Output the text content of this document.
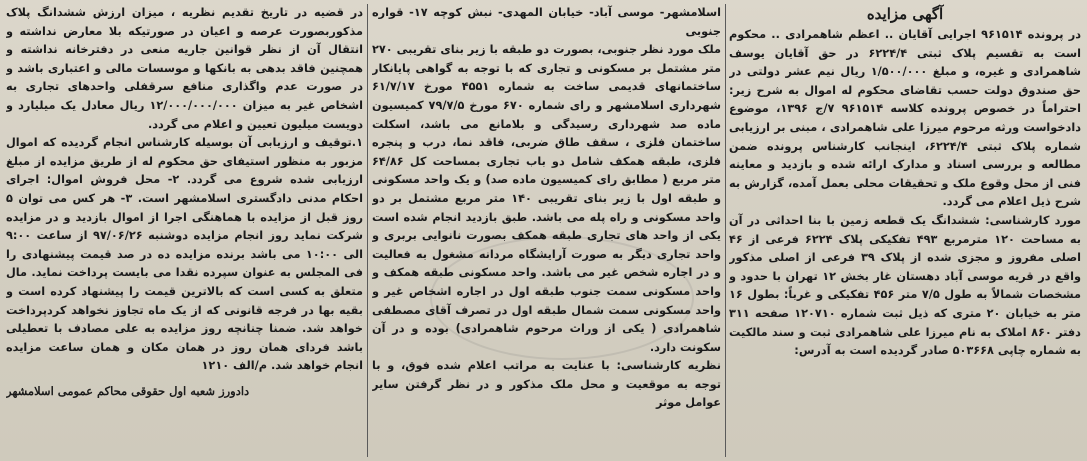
آگهی مزایده

در پرونده ۹۶۱۵۱۴ اجرایی آقایان .. اعظم شاهمرادی .. محکوم است به تقسیم پلاک ثبتی ۶۲۲۴/۴ در حق آقایان یوسف شاهمرادی و غیره، و مبلغ ۱/۵۰۰/۰۰۰ ریال نیم عشر دولتی در حق صندوق دولت حسب تقاضای محکوم له اموال به شرح زیر: احتراماً در خصوص پرونده کلاسه ۹۶۱۵۱۴ ۷/ج ۱۳۹۶، موضوع دادخواست ورثه مرحوم میرزا علی شاهمرادی ، مبنی بر ارزیابی شماره پلاک ثبتی ۶۲۲۴/۴، اینجانب کارشناس پرونده ضمن مطالعه و بررسی اسناد و مدارک ارائه شده و بازدید و معاینه فنی از محل وقوع ملک و تحقیقات محلی بعمل آمده، گزارش به شرح ذیل اعلام می گردد.

مورد کارشناسی: ششدانگ یک قطعه زمین با بنا احداثی در آن به مساحت ۱۲۰ مترمربع ۴۹۳ تفکیکی پلاک ۶۲۲۴ فرعی از ۴۶ اصلی مفروز و مجزی شده از پلاک ۳۹ فرعی از اصلی مذکور واقع در قریه موسی آباد دهستان غار بخش ۱۲ تهران با حدود و مشخصات شمالاً به طول ۷/۵ متر ۴۵۶ تفکیکی و غرباً: بطول ۱۶ متر به خیابان ۲۰ متری که ذیل ثبت شماره ۱۲۰۷۱۰ صفحه ۳۱۱ دفتر ۸۶۰ املاک به نام میرزا علی شاهمرادی ثبت و سند مالکیت به شماره چاپی ۵۰۳۶۶۸ صادر گردیده است به آدرس:

اسلامشهر- موسی آباد- خیابان المهدی- نبش کوچه ۱۷- قواره جنوبی

ملک مورد نظر جنوبی، بصورت دو طبقه با زیر بنای تقریبی ۲۷۰ متر مشتمل بر مسکونی و تجاری که با توجه به گواهی پایانکار ساختمانهای قدیمی ساخت به شماره ۴۵۵۱ مورخ ۶۱/۷/۱۷ شهرداری اسلامشهر و رای شماره ۶۷۰ مورخ ۷۹/۷/۵ کمیسیون ماده صد شهرداری رسیدگی و بلامانع می باشد، اسکلت ساختمان فلزی ، سقف طاق ضربی، فاقد نما، درب و پنجره فلزی، طبقه همکف شامل دو باب تجاری بمساحت کل ۶۴/۸۶ متر مربع ( مطابق رای کمیسیون ماده صد) و یک واحد مسکونی و طبقه اول با زیر بنای تقریبی ۱۴۰ متر مربع مشتمل بر دو واحد مسکونی و راه پله می باشد. طبق بازدید انجام شده است یکی از واحد های تجاری طبقه همکف بصورت نانوایی بربری و واحد تجاری دیگر به صورت آرایشگاه مردانه مشغول به فعالیت و در اجاره شخص غیر می باشد. واحد مسکونی طبقه همکف و واحد مسکونی سمت جنوب طبقه اول در اجاره اشخاص غیر و واحد مسکونی سمت شمال طبقه اول در تصرف آقای مصطفی شاهمرادی ( یکی از وراث مرحوم شاهمرادی) بوده و در آن سکونت دارد.

نظریه کارشناسی: با عنایت به مراتب اعلام شده فوق، و با توجه به موقعیت و محل ملک مذکور و در نظر گرفتن سایر عوامل موثر

در قضیه در تاریخ تقدیم نظریه ، میزان ارزش ششدانگ پلاک مذکوربصورت عرصه و اعیان در صورتیکه بلا معارض نداشته و انتقال آن از نظر قوانین جاریه منعی در دفترخانه نداشته و همچنین فاقد بدهی به بانکها و موسسات مالی و اعتباری باشد و در صورت عدم واگذاری منافع سرقفلی واحدهای تجاری به اشخاص غیر به میزان ۱۲/۰۰۰/۰۰۰/۰۰۰ ریال معادل یک میلیارد و دویست میلیون تعیین و اعلام می گردد.

۱.توقیف و ارزیابی آن بوسیله کارشناس انجام گردیده که اموال مزبور به منظور استیفای حق محکوم له از طریق مزایده از مبلغ ارزیابی شده شروع می گردد. ۲- محل فروش اموال: اجرای احکام مدنی دادگستری اسلامشهر است. ۳- هر کس می توان ۵ روز قبل از مزایده با هماهنگی اجرا از اموال بازدید و در مزایده شرکت نماید روز انجام مزایده دوشنبه ۹۷/۰۶/۲۶ از ساعت ۹:۰۰ الی ۱۰:۰۰ می باشد برنده مزایده ده در صد قیمت پیشنهادی را فی المجلس به عنوان سپرده نقدا می بایست پرداخت نماید. مال متعلق به کسی است که بالاترین قیمت را پیشنهاد کرده است و بقیه بها در فرجه قانونی که از یک ماه تجاوز نخواهد کردپرداخت خواهد شد. ضمنا چنانچه روز مزایده به علی مصادف با تعطیلی باشد فردای همان روز در همان مکان و همان ساعت مزایده انجام خواهد شد. م/الف ۱۲۱۰

دادورز شعبه اول حقوقی محاکم عمومی اسلامشهر
